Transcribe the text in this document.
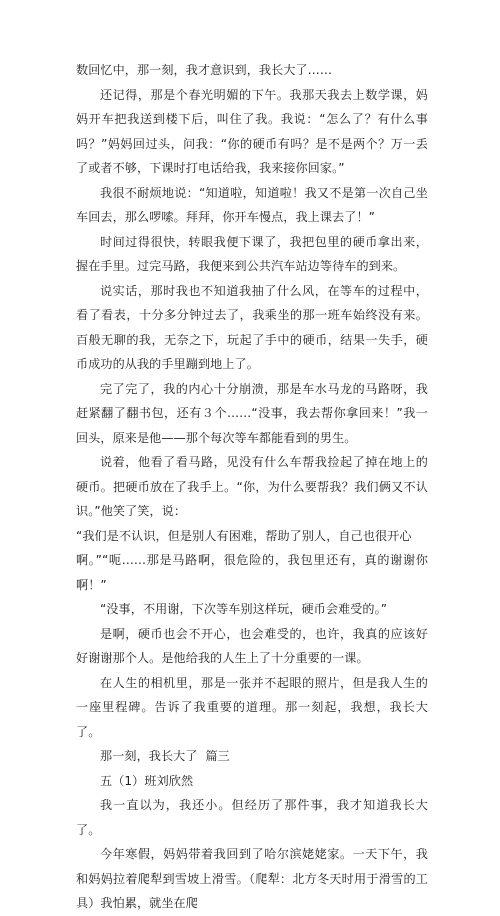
数回忆中，那一刻，我才意识到，我长大了……

还记得，那是个春光明媚的下午。我那天我去上数学课，妈妈开车把我送到楼下后，叫住了我。我说：“怎么了？有什么事吗？”妈妈回过头，问我：“你的硬币有吗？是不是两个？万一丢了或者不够，下课时打电话给我，我来接你回家。”

我很不耐烦地说：“知道啦，知道啦！我又不是第一次自己坐车回去，那么啰嗦。拜拜，你开车慢点，我上课去了！”

时间过得很快，转眼我便下课了，我把包里的硬币拿出来，握在手里。过完马路，我便来到公共汽车站边等待车的到来。

说实话，那时我也不知道我抽了什么风，在等车的过程中，看了看表，十分多分钟过去了，我乘坐的那一班车始终没有来。百般无聊的我，无奈之下，玩起了手中的硬币，结果一失手，硬币成功的从我的手里蹦到地上了。

完了完了，我的内心十分崩溃，那是车水马龙的马路呀，我赶紧翻了翻书包，还有３个……“没事，我去帮你拿回来！”我一回头，原来是他——那个每次等车都能看到的男生。

说着，他看了看马路，见没有什么车帮我捡起了掉在地上的硬币。把硬币放在了我手上。“你，为什么要帮我？我们俩又不认识。”他笑了笑，说：

“我们是不认识，但是别人有困难，帮助了别人，自己也很开心

啊。”“呃……那是马路啊，很危险的，我包里还有，真的谢谢你啊！”

“没事，不用谢，下次等车别这样玩，硬币会难受的。”

是啊，硬币也会不开心，也会难受的，也许，我真的应该好好谢谢那个人。是他给我的人生上了十分重要的一课。

在人生的相机里，那是一张并不起眼的照片，但是我人生的一座里程碑。告诉了我重要的道理。那一刻起，我想，我长大了。

那一刻，我长大了  篇三

五（1）班刘欣然

我一直以为，我还小。但经历了那件事，我才知道我长大了。

今年寒假，妈妈带着我回到了哈尔滨姥姥家。一天下午，我和妈妈拉着爬犁到雪坡上滑雪。（爬犁：北方冬天时用于滑雪的工具）我怕累，就坐在爬
